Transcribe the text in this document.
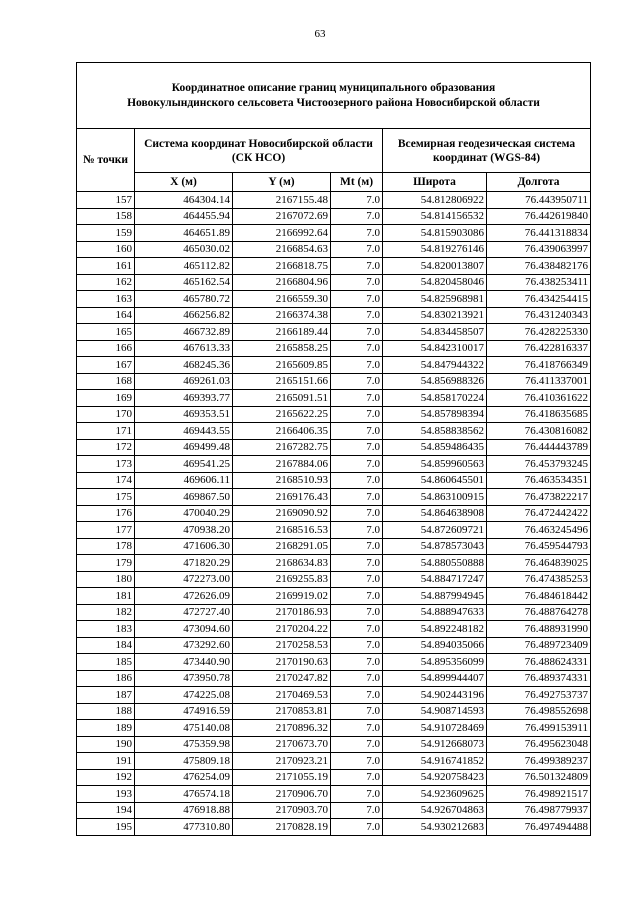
63
Координатное описание границ муниципального образования
Новокулындинского сельсовета Чистоозерного района Новосибирской области					

№ точки	Система координат Новосибирской области (СК НСО)			Всемирная геодезическая система координат (WGS-84)	
	X (м)	Y (м)	Mt (м)	Широта	Долгота
157	464304.14	2167155.48	7.0	54.812806922	76.443950711
158	464455.94	2167072.69	7.0	54.814156532	76.442619840
159	464651.89	2166992.64	7.0	54.815903086	76.441318834
160	465030.02	2166854.63	7.0	54.819276146	76.439063997
161	465112.82	2166818.75	7.0	54.820013807	76.438482176
162	465162.54	2166804.96	7.0	54.820458046	76.438253411
163	465780.72	2166559.30	7.0	54.825968981	76.434254415
164	466256.82	2166374.38	7.0	54.830213921	76.431240343
165	466732.89	2166189.44	7.0	54.834458507	76.428225330
166	467613.33	2165858.25	7.0	54.842310017	76.422816337
167	468245.36	2165609.85	7.0	54.847944322	76.418766349
168	469261.03	2165151.66	7.0	54.856988326	76.411337001
169	469393.77	2165091.51	7.0	54.858170224	76.410361622
170	469353.51	2165622.25	7.0	54.857898394	76.418635685
171	469443.55	2166406.35	7.0	54.858838562	76.430816082
172	469499.48	2167282.75	7.0	54.859486435	76.444443789
173	469541.25	2167884.06	7.0	54.859960563	76.453793245
174	469606.11	2168510.93	7.0	54.860645501	76.463534351
175	469867.50	2169176.43	7.0	54.863100915	76.473822217
176	470040.29	2169090.92	7.0	54.864638908	76.472442422
177	470938.20	2168516.53	7.0	54.872609721	76.463245496
178	471606.30	2168291.05	7.0	54.878573043	76.459544793
179	471820.29	2168634.83	7.0	54.880550888	76.464839025
180	472273.00	2169255.83	7.0	54.884717247	76.474385253
181	472626.09	2169919.02	7.0	54.887994945	76.484618442
182	472727.40	2170186.93	7.0	54.888947633	76.488764278
183	473094.60	2170204.22	7.0	54.892248182	76.488931990
184	473292.60	2170258.53	7.0	54.894035066	76.489723409
185	473440.90	2170190.63	7.0	54.895356099	76.488624331
186	473950.78	2170247.82	7.0	54.899944407	76.489374331
187	474225.08	2170469.53	7.0	54.902443196	76.492753737
188	474916.59	2170853.81	7.0	54.908714593	76.498552698
189	475140.08	2170896.32	7.0	54.910728469	76.499153911
190	475359.98	2170673.70	7.0	54.912668073	76.495623048
191	475809.18	2170923.21	7.0	54.916741852	76.499389237
192	476254.09	2171055.19	7.0	54.920758423	76.501324809
193	476574.18	2170906.70	7.0	54.923609625	76.498921517
194	476918.88	2170903.70	7.0	54.926704863	76.498779937
195	477310.80	2170828.19	7.0	54.930212683	76.497494488
